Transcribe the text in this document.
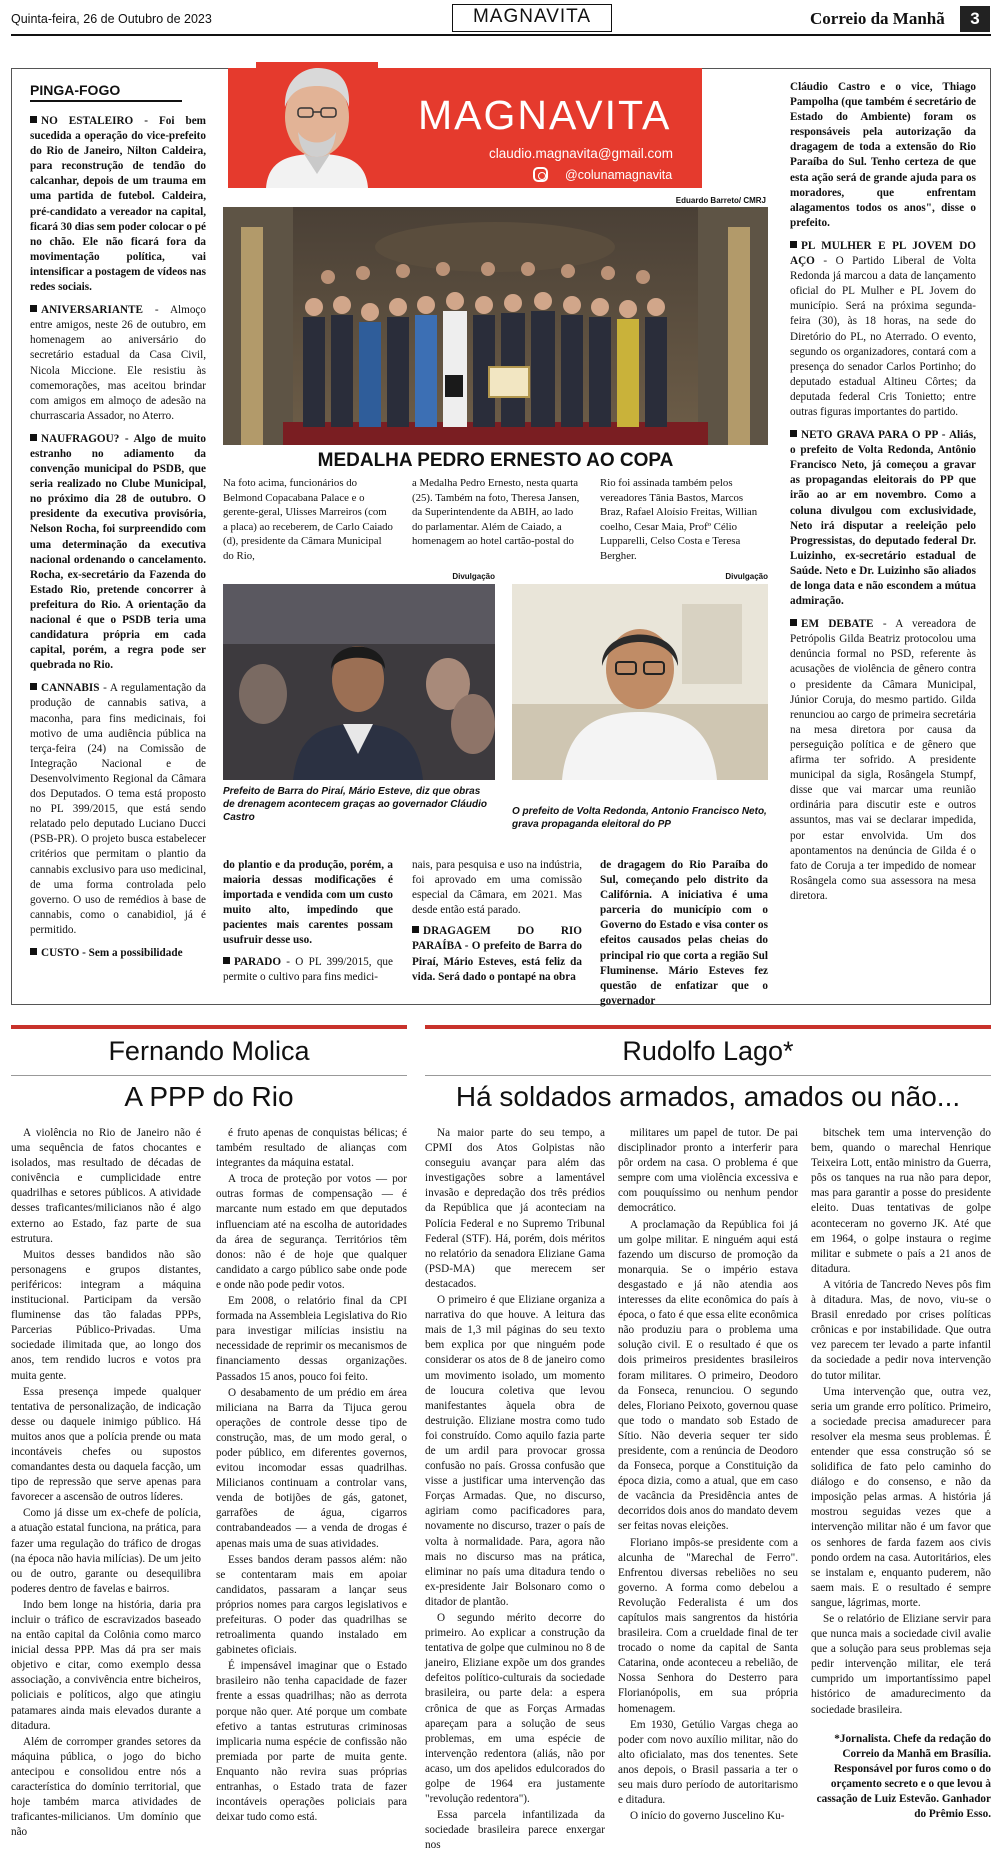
Quinta-feira, 26 de Outubro de 2023	MAGNAVITA	Correio da Manhã	3
PINGA-FOGO

NO ESTALEIRO - Foi bem sucedida a operação do vice-prefeito do Rio de Janeiro, Nilton Caldeira, para reconstrução de tendão do calcanhar, depois de um trauma em uma partida de futebol. Caldeira, pré-candidato a vereador na capital, ficará 30 dias sem poder colocar o pé no chão. Ele não ficará fora da movimentação política, vai intensificar a postagem de vídeos nas redes sociais.

ANIVERSARIANTE - Almoço entre amigos, neste 26 de outubro, em homenagem ao aniversário do secretário estadual da Casa Civil, Nicola Miccione. Ele resistiu às comemorações, mas aceitou brindar com amigos em almoço de adesão na churrascaria Assador, no Aterro.

NAUFRAGOU? - Algo de muito estranho no adiamento da convenção municipal do PSDB, que seria realizado no Clube Municipal, no próximo dia 28 de outubro. O presidente da executiva provisória, Nelson Rocha, foi surpreendido com uma determinação da executiva nacional ordenando o cancelamento. Rocha, ex-secretário da Fazenda do Estado Rio, pretende concorrer à prefeitura do Rio. A orientação da nacional é que o PSDB teria uma candidatura própria em cada capital, porém, a regra pode ser quebrada no Rio.

CANNABIS - A regulamentação da produção de cannabis sativa, a maconha, para fins medicinais, foi motivo de uma audiência pública na terça-feira (24) na Comissão de Integração Nacional e de Desenvolvimento Regional da Câmara dos Deputados. O tema está proposto no PL 399/2015, que está sendo relatado pelo deputado Luciano Ducci (PSB-PR). O projeto busca estabelecer critérios que permitam o plantio da cannabis exclusivo para uso medicinal, de uma forma controlada pelo governo. O uso de remédios à base de cannabis, como o canabidiol, já é permitido.

CUSTO - Sem a possibilidade

MAGNAVITA
claudio.magnavita@gmail.com
@colunamagnavita
Eduardo Barreto/ CMRJ
MEDALHA PEDRO ERNESTO AO COPA
Na foto acima, funcionários do Belmond Copacabana Palace e o gerente-geral, Ulisses Marreiros (com a placa) ao receberem, de Carlo Caiado (d), presidente da Câmara Municipal do Rio,
a Medalha Pedro Ernesto, nesta quarta (25). Também na foto, Theresa Jansen, da Superintendente da ABIH, ao lado do parlamentar. Além de Caiado, a homenagem ao hotel cartão-postal do
Rio foi assinada também pelos vereadores Tânia Bastos, Marcos Braz, Rafael Aloísio Freitas, Willian coelho, Cesar Maia, Profº Célio Lupparelli, Celso Costa e Teresa Bergher.
Divulgação
Prefeito de Barra do Piraí, Mário Esteve, diz que obras de drenagem acontecem graças ao governador Cláudio Castro
Divulgação
O prefeito de Volta Redonda, Antonio Francisco Neto, grava propaganda eleitoral do PP

do plantio e da produção, porém, a maioria dessas modificações é importada e vendida com um custo muito alto, impedindo que pacientes mais carentes possam usufruir desse uso.

PARADO - O PL 399/2015, que permite o cultivo para fins medici-

nais, para pesquisa e uso na indústria, foi aprovado em uma comissão especial da Câmara, em 2021. Mas desde então está parado.

DRAGAGEM DO RIO PARAÍBA - O prefeito de Barra do Piraí, Mário Esteves, está feliz da vida. Será dado o pontapé na obra

de dragagem do Rio Paraíba do Sul, começando pelo distrito da Califórnia. A iniciativa é uma parceria do município com o Governo do Estado e visa conter os efeitos causados pelas cheias do principal rio que corta a região Sul Fluminense. Mário Esteves fez questão de enfatizar que o governador

Cláudio Castro e o vice, Thiago Pampolha (que também é secretário de Estado do Ambiente) foram os responsáveis pela autorização da dragagem de toda a extensão do Rio Paraíba do Sul. Tenho certeza de que esta ação será de grande ajuda para os moradores, que enfrentam alagamentos todos os anos", disse o prefeito.

PL MULHER E PL JOVEM DO AÇO - O Partido Liberal de Volta Redonda já marcou a data de lançamento oficial do PL Mulher e PL Jovem do município. Será na próxima segunda-feira (30), às 18 horas, na sede do Diretório do PL, no Aterrado. O evento, segundo os organizadores, contará com a presença do senador Carlos Portinho; do deputado estadual Altineu Côrtes; da deputada federal Cris Tonietto; entre outras figuras importantes do partido.

NETO GRAVA PARA O PP - Aliás, o prefeito de Volta Redonda, Antônio Francisco Neto, já começou a gravar as propagandas eleitorais do PP que irão ao ar em novembro. Como a coluna divulgou com exclusividade, Neto irá disputar a reeleição pelo Progressistas, do deputado federal Dr. Luizinho, ex-secretário estadual de Saúde. Neto e Dr. Luizinho são aliados de longa data e não escondem a mútua admiração.

EM DEBATE - A vereadora de Petrópolis Gilda Beatriz protocolou uma denúncia formal no PSD, referente às acusações de violência de gênero contra o presidente da Câmara Municipal, Júnior Coruja, do mesmo partido. Gilda renunciou ao cargo de primeira secretária na mesa diretora por causa da perseguição política e de gênero que afirma ter sofrido. A presidente municipal da sigla, Rosângela Stumpf, disse que vai marcar uma reunião ordinária para discutir este e outros assuntos, mas vai se declarar impedida, por estar envolvida. Um dos apontamentos na denúncia de Gilda é o fato de Coruja a ter impedido de nomear Rosângela como sua assessora na mesa diretora.

Fernando Molica
A PPP do Rio

A violência no Rio de Janeiro não é uma sequência de fatos chocantes e isolados, mas resultado de décadas de conivência e cumplicidade entre quadrilhas e setores públicos. A atividade desses traficantes/milicianos não é algo externo ao Estado, faz parte de sua estrutura.

Muitos desses bandidos não são personagens e grupos distantes, periféricos: integram a máquina institucional. Participam da versão fluminense das tão faladas PPPs, Parcerias Público-Privadas. Uma sociedade ilimitada que, ao longo dos anos, tem rendido lucros e votos pra muita gente.

Essa presença impede qualquer tentativa de personalização, de indicação desse ou daquele inimigo público. Há muitos anos que a polícia prende ou mata incontáveis chefes ou supostos comandantes desta ou daquela facção, um tipo de repressão que serve apenas para favorecer a ascensão de outros líderes.

Como já disse um ex-chefe de polícia, a atuação estatal funciona, na prática, para fazer uma regulação do tráfico de drogas (na época não havia milícias). De um jeito ou de outro, garante ou desequilibra poderes dentro de favelas e bairros.

Indo bem longe na história, daria pra incluir o tráfico de escravizados baseado na então capital da Colônia como marco inicial dessa PPP. Mas dá pra ser mais objetivo e citar, como exemplo dessa associação, a convivência entre bicheiros, policiais e políticos, algo que atingiu patamares ainda mais elevados durante a ditadura.

Além de corromper grandes setores da máquina pública, o jogo do bicho antecipou e consolidou entre nós a característica do domínio territorial, que hoje também marca atividades de traficantes-milicianos. Um domínio que não

é fruto apenas de conquistas bélicas; é também resultado de alianças com integrantes da máquina estatal.

A troca de proteção por votos — por outras formas de compensação — é marcante num estado em que deputados influenciam até na escolha de autoridades da área de segurança. Territórios têm donos: não é de hoje que qualquer candidato a cargo público sabe onde pode e onde não pode pedir votos.

Em 2008, o relatório final da CPI formada na Assembleia Legislativa do Rio para investigar milícias insistiu na necessidade de reprimir os mecanismos de financiamento dessas organizações. Passados 15 anos, pouco foi feito.

O desabamento de um prédio em área miliciana na Barra da Tijuca gerou operações de controle desse tipo de construção, mas, de um modo geral, o poder público, em diferentes governos, evitou incomodar essas quadrilhas. Milicianos continuam a controlar vans, venda de botijões de gás, gatonet, garrafões de água, cigarros contrabandeados — a venda de drogas é apenas mais uma de suas atividades.

Esses bandos deram passos além: não se contentaram mais em apoiar candidatos, passaram a lançar seus próprios nomes para cargos legislativos e prefeituras. O poder das quadrilhas se retroalimenta quando instalado em gabinetes oficiais.

É impensável imaginar que o Estado brasileiro não tenha capacidade de fazer frente a essas quadrilhas; não as derrota porque não quer. Até porque um combate efetivo a tantas estruturas criminosas implicaria numa espécie de confissão não premiada por parte de muita gente. Enquanto não revira suas próprias entranhas, o Estado trata de fazer incontáveis operações policiais para deixar tudo como está.

Rudolfo Lago*
Há soldados armados, amados ou não...

Na maior parte do seu tempo, a CPMI dos Atos Golpistas não conseguiu avançar para além das investigações sobre a lamentável invasão e depredação dos três prédios da República que já aconteciam na Polícia Federal e no Supremo Tribunal Federal (STF). Há, porém, dois méritos no relatório da senadora Eliziane Gama (PSD-MA) que merecem ser destacados.

O primeiro é que Eliziane organiza a narrativa do que houve. A leitura das mais de 1,3 mil páginas do seu texto bem explica por que ninguém pode considerar os atos de 8 de janeiro como um movimento isolado, um momento de loucura coletiva que levou manifestantes àquela obra de destruição. Eliziane mostra como tudo foi construído. Como aquilo fazia parte de um ardil para provocar grossa confusão no país. Grossa confusão que visse a justificar uma intervenção das Forças Armadas. Que, no discurso, agiriam como pacificadores para, novamente no discurso, trazer o país de volta à normalidade. Para, agora não mais no discurso mas na prática, eliminar no país uma ditadura tendo o ex-presidente Jair Bolsonaro como o ditador de plantão.

O segundo mérito decorre do primeiro. Ao explicar a construção da tentativa de golpe que culminou no 8 de janeiro, Eliziane expõe um dos grandes defeitos político-culturais da sociedade brasileira, ou parte dela: a espera crônica de que as Forças Armadas apareçam para a solução de seus problemas, em uma espécie de intervenção redentora (aliás, não por acaso, um dos apelidos edulcorados do golpe de 1964 era justamente "revolução redentora").

Essa parcela infantilizada da sociedade brasileira parece enxergar nos

militares um papel de tutor. De pai disciplinador pronto a interferir para pôr ordem na casa. O problema é que sempre com uma violência excessiva e com pouquíssimo ou nenhum pendor democrático.

A proclamação da República foi já um golpe militar. E ninguém aqui está fazendo um discurso de promoção da monarquia. Se o império estava desgastado e já não atendia aos interesses da elite econômica do país à época, o fato é que essa elite econômica não produziu para o problema uma solução civil. E o resultado é que os dois primeiros presidentes brasileiros foram militares. O primeiro, Deodoro da Fonseca, renunciou. O segundo deles, Floriano Peixoto, governou quase que todo o mandato sob Estado de Sítio. Não deveria sequer ter sido presidente, com a renúncia de Deodoro da Fonseca, porque a Constituição da época dizia, como a atual, que em caso de vacância da Presidência antes de decorridos dois anos do mandato devem ser feitas novas eleições.

Floriano impôs-se presidente com a alcunha de "Marechal de Ferro". Enfrentou diversas rebeliões no seu governo. A forma como debelou a Revolução Federalista é um dos capítulos mais sangrentos da história brasileira. Com a crueldade final de ter trocado o nome da capital de Santa Catarina, onde aconteceu a rebelião, de Nossa Senhora do Desterro para Florianópolis, em sua própria homenagem.

Em 1930, Getúlio Vargas chega ao poder com novo auxílio militar, não do alto oficialato, mas dos tenentes. Sete anos depois, o Brasil passaria a ter o seu mais duro período de autoritarismo e ditadura.

O início do governo Juscelino Ku-

bitschek tem uma intervenção do bem, quando o marechal Henrique Teixeira Lott, então ministro da Guerra, pôs os tanques na rua não para depor, mas para garantir a posse do presidente eleito. Duas tentativas de golpe aconteceram no governo JK. Até que em 1964, o golpe instaura o regime militar e submete o país a 21 anos de ditadura.

A vitória de Tancredo Neves pôs fim à ditadura. Mas, de novo, viu-se o Brasil enredado por crises políticas crônicas e por instabilidade. Que outra vez parecem ter levado a parte infantil da sociedade a pedir nova intervenção do tutor militar.

Uma intervenção que, outra vez, seria um grande erro político. Primeiro, a sociedade precisa amadurecer para resolver ela mesma seus problemas. É entender que essa construção só se solidifica de fato pelo caminho do diálogo e do consenso, e não da imposição pelas armas. A história já mostrou seguidas vezes que a intervenção militar não é um favor que os senhores de farda fazem aos civis pondo ordem na casa. Autoritários, eles se instalam e, enquanto puderem, não saem mais. E o resultado é sempre sangue, lágrimas, morte.

Se o relatório de Eliziane servir para que nunca mais a sociedade civil avalie que a solução para seus problemas seja pedir intervenção militar, ele terá cumprido um importantíssimo papel histórico de amadurecimento da sociedade brasileira.

*Jornalista. Chefe da redação do Correio da Manhã em Brasília. Responsável por furos como o do orçamento secreto e o que levou à cassação de Luiz Estevão. Ganhador do Prêmio Esso.
